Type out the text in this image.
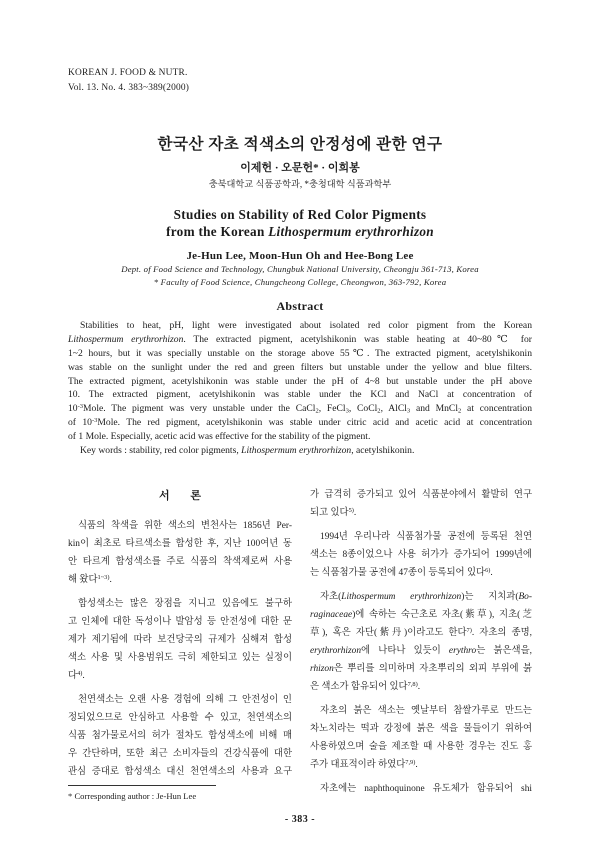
KOREAN J. FOOD & NUTR.
Vol. 13. No. 4. 383~389(2000)
한국산 자초 적색소의 안정성에 관한 연구
이제헌 · 오문헌* · 이희봉
충북대학교 식품공학과, *충청대학 식품과학부
Studies on Stability of Red Color Pigments
from the Korean Lithospermum erythrorhizon
Je-Hun Lee, Moon-Hun Oh and Hee-Bong Lee
Dept. of Food Science and Technology, Chungbuk National University, Cheongju 361-713, Korea
* Faculty of Food Science, Chungcheong College, Cheongwon, 363-792, Korea
Abstract
Stabilities to heat, pH, light were investigated about isolated red color pigment from the Korean
Lithospermum erythrorhizon. The extracted pigment, acetylshikonin was stable heating at 40~80℃ for
1~2 hours, but it was specially unstable on the storage above 55℃. The extracted pigment, acetylshikonin
was stable on the sunlight under the red and green filters but unstable under the yellow and blue filters.
The extracted pigment, acetylshikonin was stable under the pH of 4~8 but unstable under the pH above
10. The extracted pigment, acetylshikonin was stable under the KCl and NaCl at concentration of
$10^{-3}Mole$. The pigment was very unstable under the CaCl$_2$, FeCl$_3$, CoCl$_2$, AlCl$_3$ and MnCl$_2$ at concentration
of $10^{-3}Mole$. The red pigment, acetylshikonin was stable under citric acid and acetic acid at concentration
of 1 Mole. Especially, acetic acid was effective for the stability of the pigment.
Key words : stability, red color pigments, Lithospermum erythrorhizon, acetylshikonin.
서 론
식품의 착색을 위한 색소의 변천사는 1856년 Per-
kin이 최초로 타르색소를 합성한 후, 지난 100여년 동
안 타르계 합성색소를 주로 식품의 착색제로써 사용
해 왔다$^{1\sim 3)}$.
합성색소는 많은 장점을 지니고 있음에도 불구하
고 인체에 대한 독성이나 발암성 등 안전성에 대한 문
제가 제기됨에 따라 보건당국의 규제가 심해져 합성
색소 사용 및 사용범위도 극히 제한되고 있는 실정이
다$^{4)}$.
천연색소는 오랜 사용 경험에 의해 그 안전성이 인
정되었으므로 안심하고 사용할 수 있고, 천연색소의
식품 첨가물로서의 허가 절차도 합성색소에 비해 매
우 간단하며, 또한 최근 소비자들의 건강식품에 대한
관심 증대로 합성색소 대신 천연색소의 사용과 요구
가 급격히 증가되고 있어 식품분야에서 활발히 연구
되고 있다$^{5)}$.
1994년 우리나라 식품첨가물 공전에 등록된 천연
색소는 8종이었으나 사용 허가가 증가되어 1999년에
는 식품첨가물 공전에 47종이 등록되어 있다$^{6)}$.
자초(Lithospermum erythrorhizon)는 지치과(Bo-
raginaceae)에 속하는 숙근초로 자초(紫草), 지초(芝
草), 혹은 자단(紫丹)이라고도 한다$^{7)}$. 자초의 종명,
erythrorhizon에 나타나 있듯이 erythro는 붉은색을,
rhizon은 뿌리를 의미하며 자초뿌리의 외피 부위에 붉
은 색소가 함유되어 있다$^{7,8)}$.
자초의 붉은 색소는 옛날부터 참쌀가루로 만드는
차노치라는 떡과 강정에 붉은 색을 물들이기 위하여
사용하였으며 술을 제조할 때 사용한 경우는 진도 홍
주가 대표적이라 하였다$^{7,9)}$.
자초에는 naphthoquinone 유도체가 함유되어 shi
* Corresponding author : Je-Hun Lee
- 383 -
